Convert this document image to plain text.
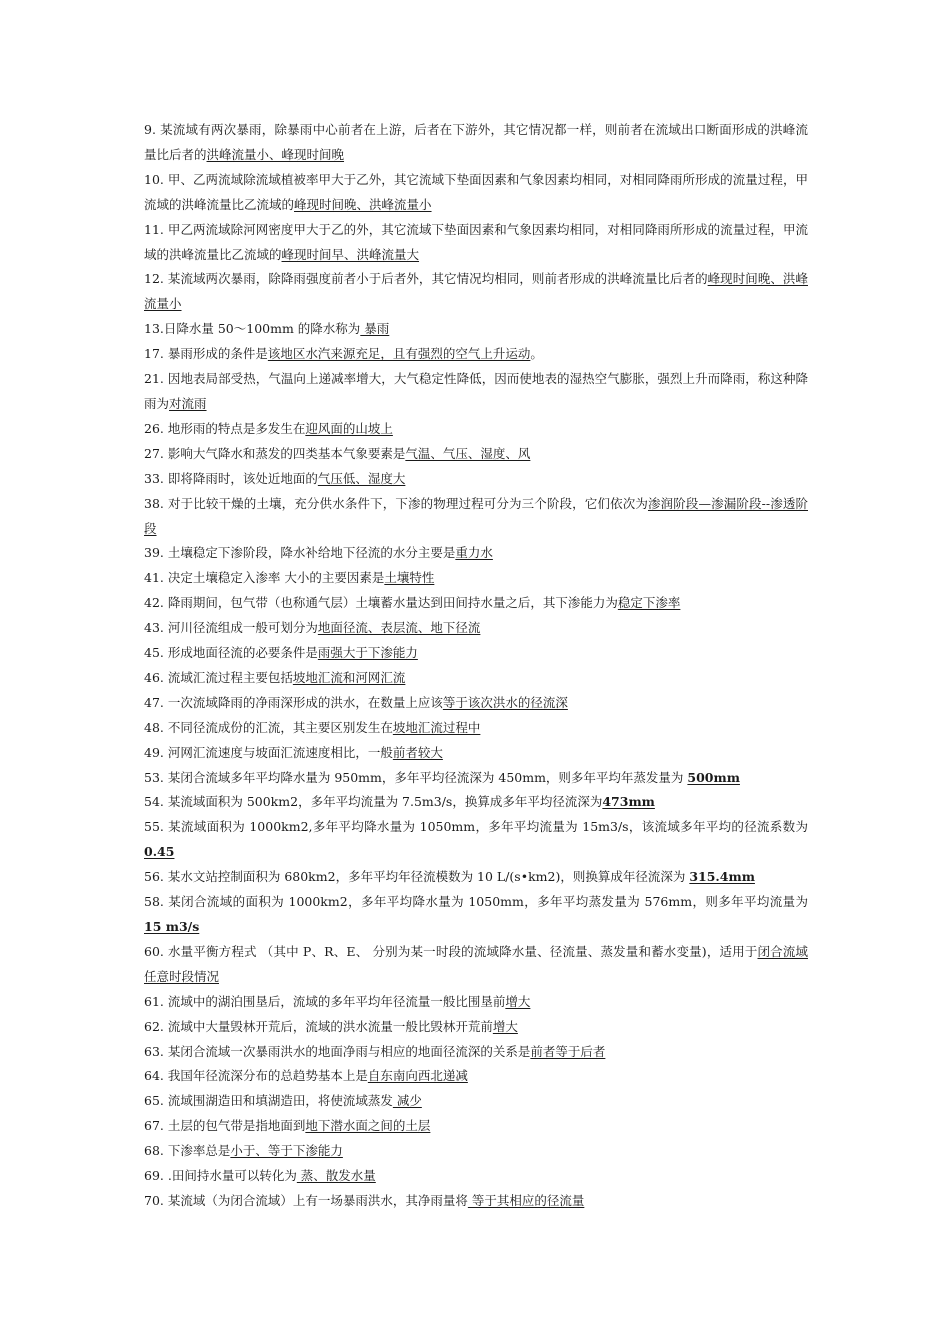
9. 某流域有两次暴雨，除暴雨中心前者在上游，后者在下游外，其它情况都一样，则前者在流域出口断面形成的洪峰流量比后者的洪峰流量小、峰现时间晚

10. 甲、乙两流域除流域植被率甲大于乙外，其它流域下垫面因素和气象因素均相同，对相同降雨所形成的流量过程，甲流域的洪峰流量比乙流域的峰现时间晚、洪峰流量小

11. 甲乙两流域除河网密度甲大于乙的外，其它流域下垫面因素和气象因素均相同，对相同降雨所形成的流量过程，甲流域的洪峰流量比乙流域的峰现时间早、洪峰流量大

12. 某流域两次暴雨，除降雨强度前者小于后者外，其它情况均相同，则前者形成的洪峰流量比后者的峰现时间晚、洪峰流量小

13.日降水量 50～100mm 的降水称为 暴雨

17. 暴雨形成的条件是该地区水汽来源充足，且有强烈的空气上升运动。

21. 因地表局部受热，气温向上递减率增大，大气稳定性降低，因而使地表的湿热空气膨胀，强烈上升而降雨，称这种降雨为对流雨

26. 地形雨的特点是多发生在迎风面的山坡上

27. 影响大气降水和蒸发的四类基本气象要素是气温、气压、湿度、风

33. 即将降雨时，该处近地面的气压低、湿度大

38. 对于比较干燥的土壤，充分供水条件下，下渗的物理过程可分为三个阶段，它们依次为渗润阶段—渗漏阶段--渗透阶段

39. 土壤稳定下渗阶段，降水补给地下径流的水分主要是重力水

41. 决定土壤稳定入渗率 大小的主要因素是土壤特性

42. 降雨期间，包气带（也称通气层）土壤蓄水量达到田间持水量之后，其下渗能力为稳定下渗率

43. 河川径流组成一般可划分为地面径流、表层流、地下径流

45. 形成地面径流的必要条件是雨强大于下渗能力

46. 流域汇流过程主要包括坡地汇流和河网汇流

47. 一次流域降雨的净雨深形成的洪水，在数量上应该等于该次洪水的径流深

48. 不同径流成份的汇流，其主要区别发生在坡地汇流过程中

49. 河网汇流速度与坡面汇流速度相比，一般前者较大

53. 某闭合流域多年平均降水量为 950mm，多年平均径流深为 450mm，则多年平均年蒸发量为 500mm

54. 某流域面积为 500km2，多年平均流量为 7.5m3/s，换算成多年平均径流深为473mm

55. 某流域面积为 1000km2,多年平均降水量为 1050mm，多年平均流量为 15m3/s，该流域多年平均的径流系数为 0.45

56. 某水文站控制面积为 680km2，多年平均年径流模数为 10 L/(s•km2)，则换算成年径流深为 315.4mm

58. 某闭合流域的面积为 1000km2，多年平均降水量为 1050mm，多年平均蒸发量为 576mm，则多年平均流量为 15 m3/s

60. 水量平衡方程式 （其中 P、R、E、 分别为某一时段的流域降水量、径流量、蒸发量和蓄水变量)，适用于闭合流域任意时段情况

61. 流域中的湖泊围垦后，流域的多年平均年径流量一般比围垦前增大

62. 流域中大量毁林开荒后，流域的洪水流量一般比毁林开荒前增大

63. 某闭合流域一次暴雨洪水的地面净雨与相应的地面径流深的关系是前者等于后者

64. 我国年径流深分布的总趋势基本上是自东南向西北递减

65. 流域围湖造田和填湖造田，将使流域蒸发 减少

67. 土层的包气带是指地面到地下潜水面之间的土层

68. 下渗率总是小于、等于下渗能力

69. .田间持水量可以转化为 蒸、散发水量

70. 某流域（为闭合流域）上有一场暴雨洪水，其净雨量将 等于其相应的径流量
